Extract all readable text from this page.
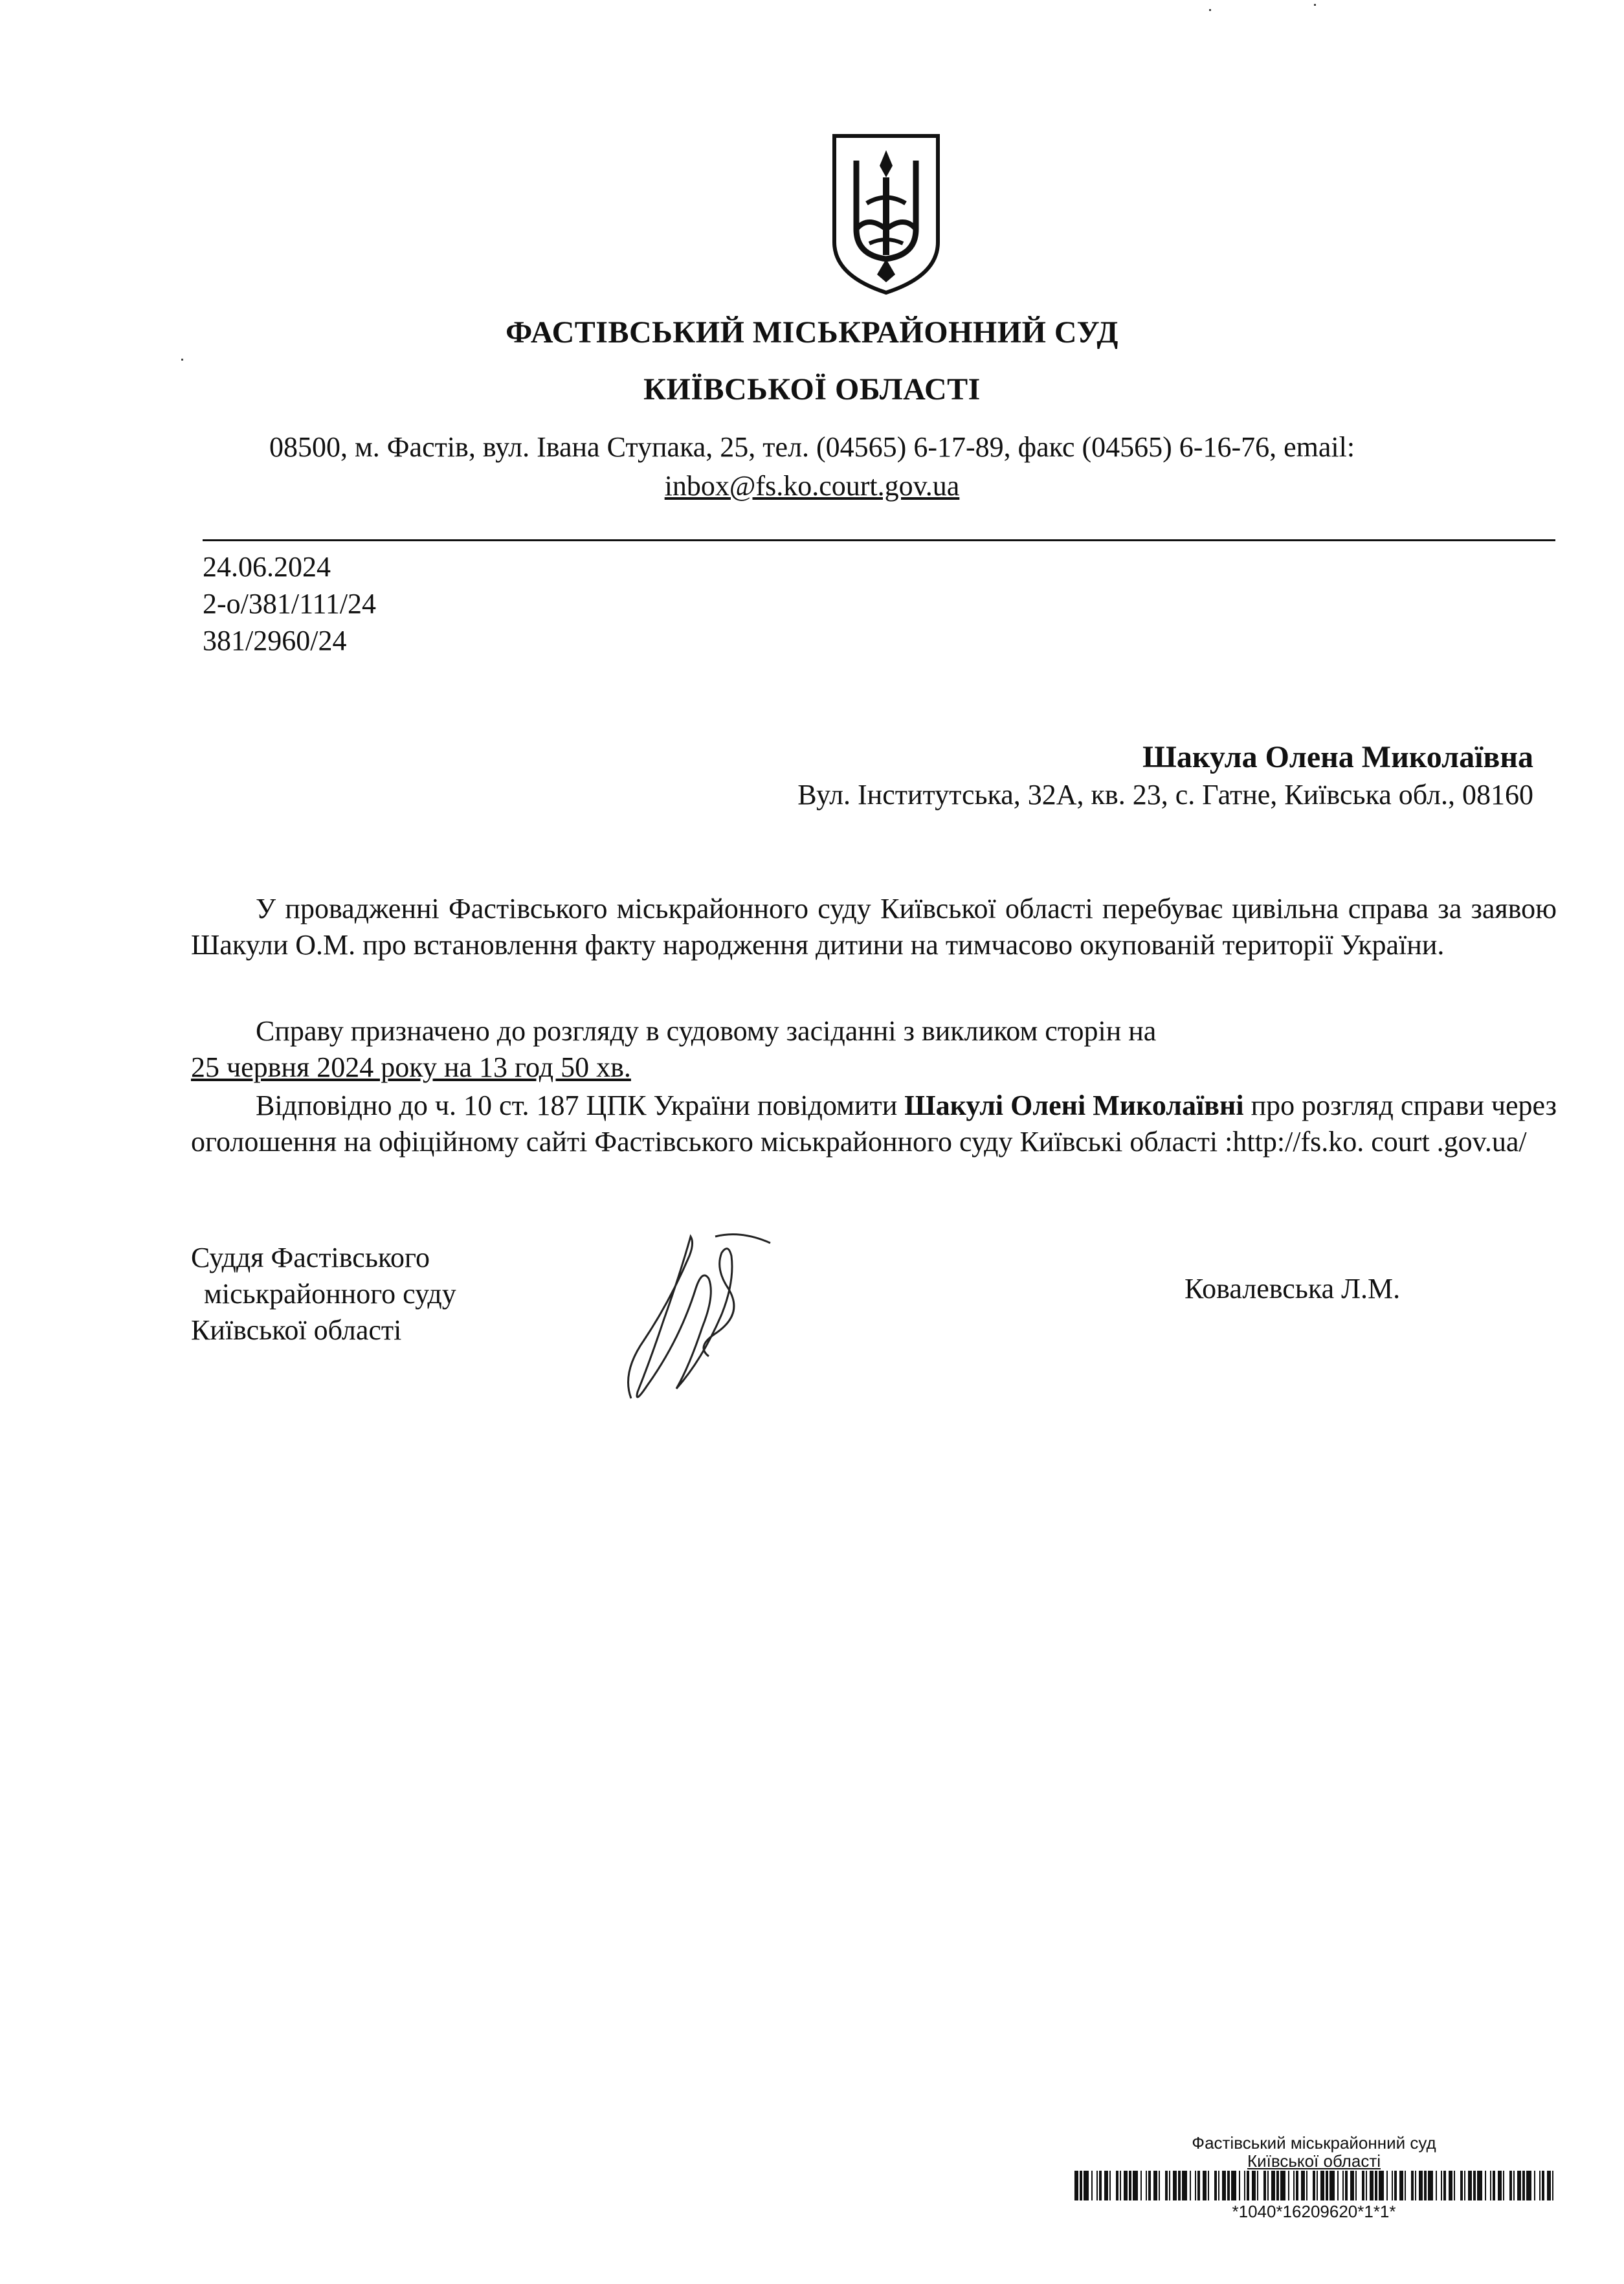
ФАСТІВСЬКИЙ МІСЬКРАЙОННИЙ СУД
КИЇВСЬКОЇ ОБЛАСТІ
08500, м. Фастів, вул. Івана Ступака, 25, тел. (04565) 6-17-89, факс (04565) 6-16-76, email:
inbox@fs.ko.court.gov.ua
24.06.2024
2-о/381/111/24
381/2960/24
Шакула Олена Миколаївна
Вул. Інститутська, 32А, кв. 23, с. Гатне, Київська обл., 08160
У провадженні Фастівського міськрайонного суду Київської області перебуває цивільна справа за заявою Шакули О.М. про встановлення факту народження дитини на тимчасово окупованій території України.
Справу призначено до розгляду в судовому засіданні з викликом сторін на
25 червня 2024 року на 13 год 50 хв.
Відповідно до ч. 10 ст. 187 ЦПК України повідомити Шакулі Олені Миколаївні про розгляд справи через оголошення на офіційному сайті Фастівського міськрайонного суду Київські області :http://fs.ko. court .gov.ua/
Суддя Фастівського
міськрайонного суду
Київської області
Ковалевська Л.М.
Фастівський міськрайонний суд
Київської області
*1040*16209620*1*1*
